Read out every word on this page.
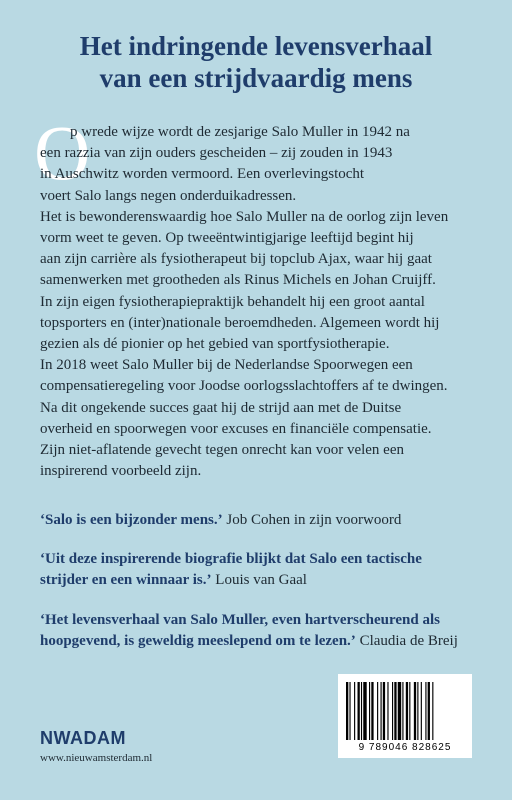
Het indringende levensverhaal
van een strijdvaardig mens
O
p wrede wijze wordt de zesjarige Salo Muller in 1942 na
een razzia van zijn ouders gescheiden – zij zouden in 1943
in Auschwitz worden vermoord. Een overlevingstocht
voert Salo langs negen onderduikadressen.
Het is bewonderenswaardig hoe Salo Muller na de oorlog zijn leven
vorm weet te geven. Op tweeëntwintigjarige leeftijd begint hij
aan zijn carrière als fysiotherapeut bij topclub Ajax, waar hij gaat
samenwerken met grootheden als Rinus Michels en Johan Cruijff.
In zijn eigen fysiotherapiepraktijk behandelt hij een groot aantal
topsporters en (inter)nationale beroemdheden. Algemeen wordt hij
gezien als dé pionier op het gebied van sportfysiotherapie.
In 2018 weet Salo Muller bij de Nederlandse Spoorwegen een
compensatieregeling voor Joodse oorlogsslachtoffers af te dwingen.
Na dit ongekende succes gaat hij de strijd aan met de Duitse
overheid en spoorwegen voor excuses en financiële compensatie.
Zijn niet-aflatende gevecht tegen onrecht kan voor velen een
inspirerend voorbeeld zijn.
‘Salo is een bijzonder mens.’ Job Cohen in zijn voorwoord
‘Uit deze inspirerende biografie blijkt dat Salo een tactische
strijder en een winnaar is.’ Louis van Gaal
‘Het levensverhaal van Salo Muller, even hartverscheurend als
hoopgevend, is geweldig meeslepend om te lezen.’ Claudia de Breij
NWADAM
www.nieuwamsterdam.nl
9 789046 828625
